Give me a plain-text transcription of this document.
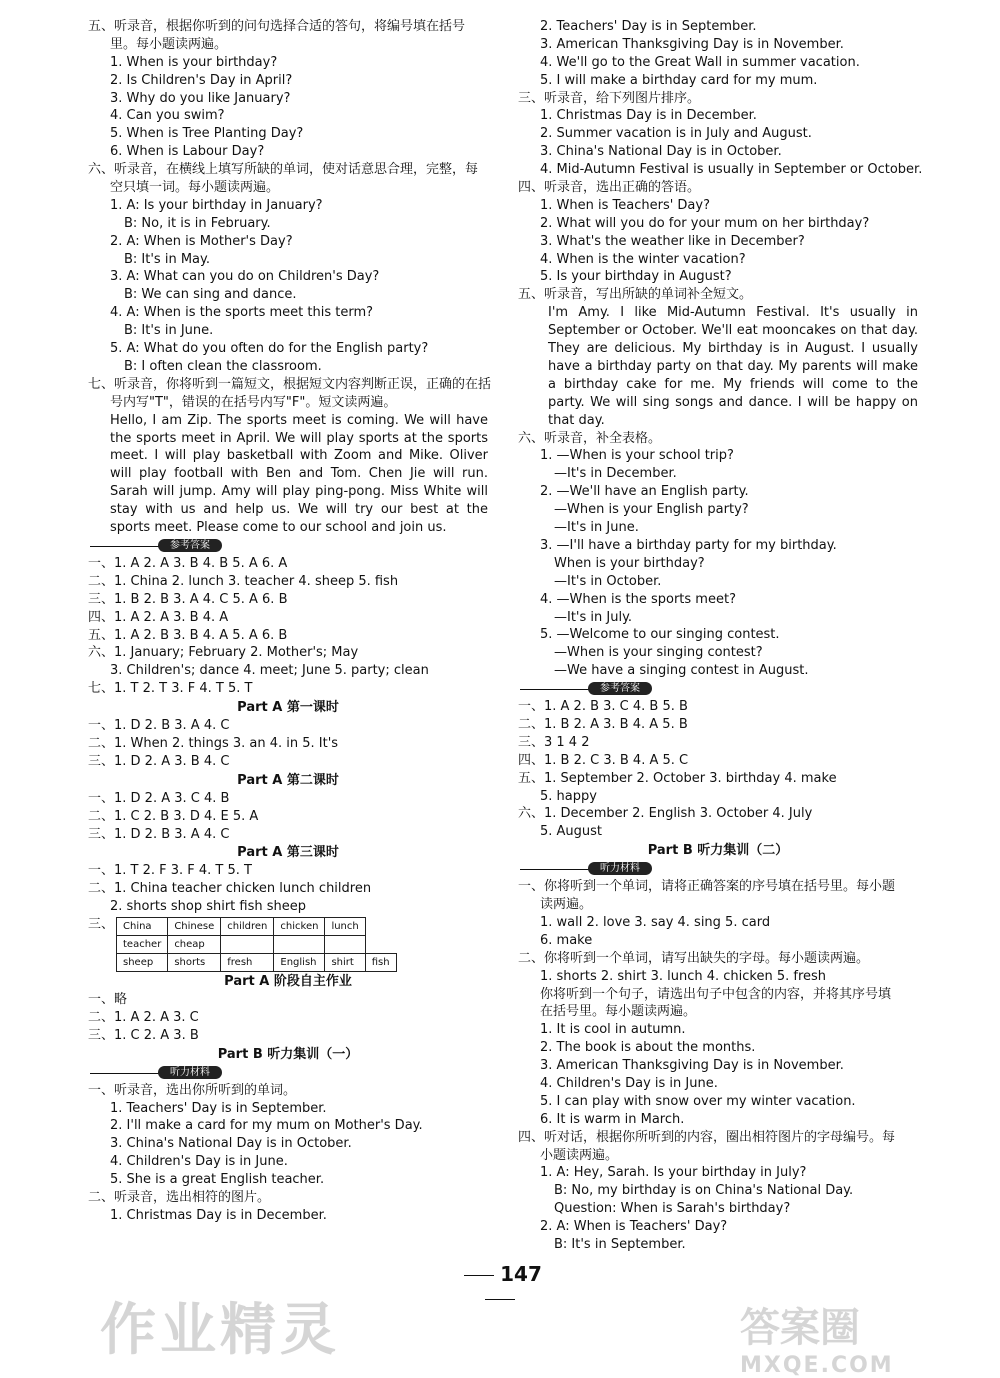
五、听录音，根据你听到的问句选择合适的答句，将编号填在括号
里。每小题读两遍。
1. When is your birthday?
2. Is Children's Day in April?
3. Why do you like January?
4. Can you swim?
5. When is Tree Planting Day?
6. When is Labour Day?
六、听录音，在横线上填写所缺的单词，使对话意思合理，完整，每
空只填一词。每小题读两遍。
1. A: Is your birthday in January?
B: No, it is in February.
2. A: When is Mother's Day?
B: It's in May.
3. A: What can you do on Children's Day?
B: We can sing and dance.
4. A: When is the sports meet this term?
B: It's in June.
5. A: What do you often do for the English party?
B: I often clean the classroom.
七、听录音，你将听到一篇短文，根据短文内容判断正误，正确的在括
号内写"T"，错误的在括号内写"F"。短文读两遍。
Hello, I am Zip. The sports meet is coming. We will have the sports meet in April. We will play sports at the sports meet. I will play basketball with Zoom and Mike. Oliver will play football with Ben and Tom. Chen Jie will run. Sarah will jump. Amy will play ping-pong. Miss White will stay with us and help us. We will try our best at the sports meet. Please come to our school and join us.
参考答案
一、1. A 2. A 3. B 4. B 5. A 6. A
二、1. China 2. lunch 3. teacher 4. sheep 5. fish
三、1. B 2. B 3. A 4. C 5. A 6. B
四、1. A 2. A 3. B 4. A
五、1. A 2. B 3. B 4. A 5. A 6. B
六、1. January; February 2. Mother's; May
3. Children's; dance 4. meet; June 5. party; clean
七、1. T 2. T 3. F 4. T 5. T
Part A 第一课时
一、1. D 2. B 3. A 4. C
二、1. When 2. things 3. an 4. in 5. It's
三、1. D 2. A 3. B 4. C
Part A 第二课时
一、1. D 2. A 3. C 4. B
二、1. C 2. B 3. D 4. E 5. A
三、1. D 2. B 3. A 4. C
Part A 第三课时
一、1. T 2. F 3. F 4. T 5. T
二、1. China teacher chicken lunch children
2. shorts shop shirt fish sheep
三、 China	Chinese	children	chicken	lunch	
teacher	cheap				
sheep	shorts	fresh	English	shirt	fish
Part A 阶段自主作业
一、略
二、1. A 2. A 3. C
三、1. C 2. A 3. B
Part B 听力集训（一）
听力材料
一、听录音，选出你所听到的单词。
1. Teachers' Day is in September.
2. I'll make a card for my mum on Mother's Day.
3. China's National Day is in October.
4. Children's Day is in June.
5. She is a great English teacher.
二、听录音，选出相符的图片。
1. Christmas Day is in December.
2. Teachers' Day is in September.
3. American Thanksgiving Day is in November.
4. We'll go to the Great Wall in summer vacation.
5. I will make a birthday card for my mum.
三、听录音，给下列图片排序。
1. Christmas Day is in December.
2. Summer vacation is in July and August.
3. China's National Day is in October.
4. Mid-Autumn Festival is usually in September or October.
四、听录音，选出正确的答语。
1. When is Teachers' Day?
2. What will you do for your mum on her birthday?
3. What's the weather like in December?
4. When is the winter vacation?
5. Is your birthday in August?
五、听录音，写出所缺的单词补全短文。
I'm Amy. I like Mid-Autumn Festival. It's usually in September or October. We'll eat mooncakes on that day. They are delicious. My birthday is in August. I usually have a birthday party on that day. My parents will make a birthday cake for me. My friends will come to the party. We will sing songs and dance. I will be happy on that day.
六、听录音，补全表格。
1. —When is your school trip?
—It's in December.
2. —We'll have an English party.
—When is your English party?
—It's in June.
3. —I'll have a birthday party for my birthday.
When is your birthday?
—It's in October.
4. —When is the sports meet?
—It's in July.
5. —Welcome to our singing contest.
—When is your singing contest?
—We have a singing contest in August.
参考答案
一、1. A 2. B 3. C 4. B 5. B
二、1. B 2. A 3. B 4. A 5. B
三、3 1 4 2
四、1. B 2. C 3. B 4. A 5. C
五、1. September 2. October 3. birthday 4. make
5. happy
六、1. December 2. English 3. October 4. July
5. August
Part B 听力集训（二）
听力材料
一、你将听到一个单词，请将正确答案的序号填在括号里。每小题
读两遍。
1. wall 2. love 3. say 4. sing 5. card
6. make
二、你将听到一个单词，请写出缺失的字母。每小题读两遍。
1. shorts 2. shirt 3. lunch 4. chicken 5. fresh
你将听到一个句子，请选出句子中包含的内容，并将其序号填
在括号里。每小题读两遍。
1. It is cool in autumn.
2. The book is about the months.
3. American Thanksgiving Day is in November.
4. Children's Day is in June.
5. I can play with snow over my winter vacation.
6. It is warm in March.
四、听对话，根据你所听到的内容，圈出相符图片的字母编号。每
小题读两遍。
1. A: Hey, Sarah. Is your birthday in July?
B: No, my birthday is on China's National Day.
Question: When is Sarah's birthday?
2. A: When is Teachers' Day?
B: It's in September.
147
作业精灵	答案圈
MXQE.COM
